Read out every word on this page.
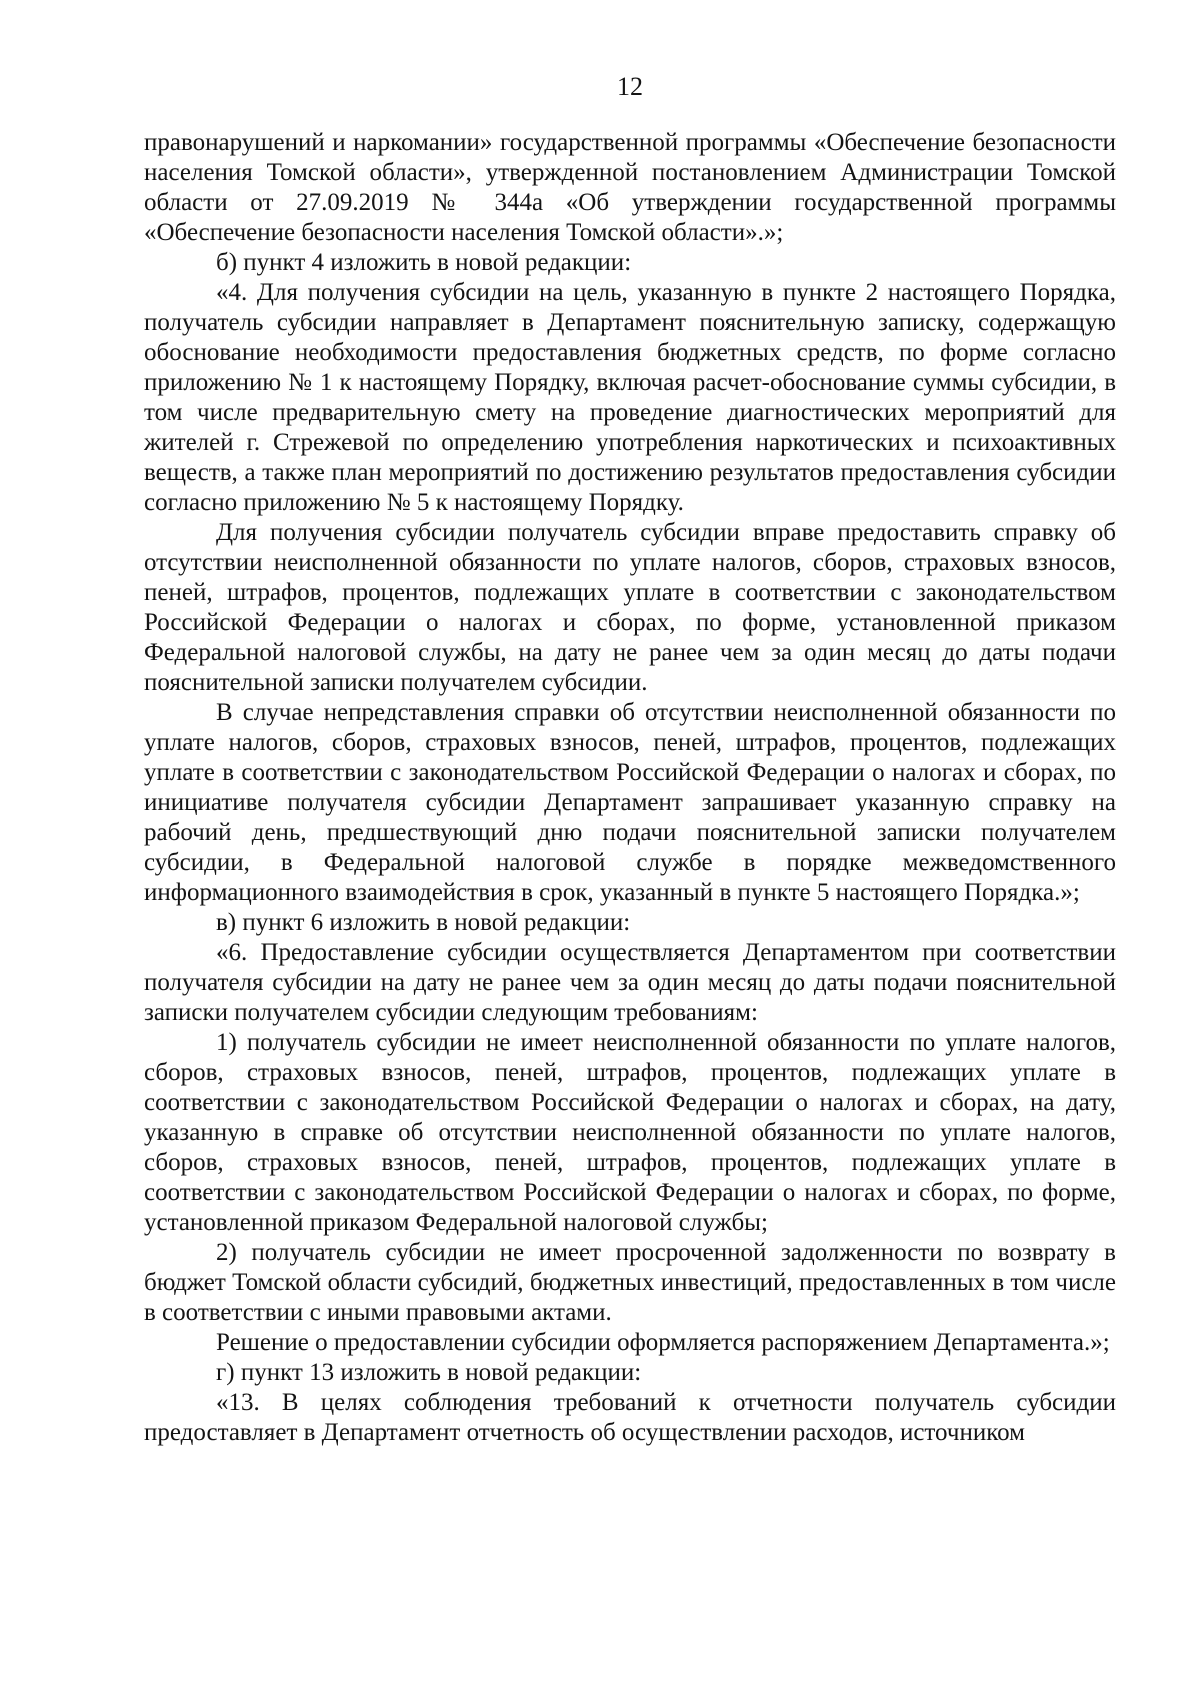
12

правонарушений и наркомании» государственной программы «Обеспечение безопасности населения Томской области», утвержденной постановлением Администрации Томской области от 27.09.2019 № 344а «Об утверждении государственной программы «Обеспечение безопасности населения Томской области».»;

б) пункт 4 изложить в новой редакции:

«4. Для получения субсидии на цель, указанную в пункте 2 настоящего Порядка, получатель субсидии направляет в Департамент пояснительную записку, содержащую обоснование необходимости предоставления бюджетных средств, по форме согласно приложению № 1 к настоящему Порядку, включая расчет-обоснование суммы субсидии, в том числе предварительную смету на проведение диагностических мероприятий для жителей г. Стрежевой по определению употребления наркотических и психоактивных веществ, а также план мероприятий по достижению результатов предоставления субсидии согласно приложению № 5 к настоящему Порядку.

Для получения субсидии получатель субсидии вправе предоставить справку об отсутствии неисполненной обязанности по уплате налогов, сборов, страховых взносов, пеней, штрафов, процентов, подлежащих уплате в соответствии с законодательством Российской Федерации о налогах и сборах, по форме, установленной приказом Федеральной налоговой службы, на дату не ранее чем за один месяц до даты подачи пояснительной записки получателем субсидии.

В случае непредставления справки об отсутствии неисполненной обязанности по уплате налогов, сборов, страховых взносов, пеней, штрафов, процентов, подлежащих уплате в соответствии с законодательством Российской Федерации о налогах и сборах, по инициативе получателя субсидии Департамент запрашивает указанную справку на рабочий день, предшествующий дню подачи пояснительной записки получателем субсидии, в Федеральной налоговой службе в порядке межведомственного информационного взаимодействия в срок, указанный в пункте 5 настоящего Порядка.»;

в) пункт 6 изложить в новой редакции:

«6. Предоставление субсидии осуществляется Департаментом при соответствии получателя субсидии на дату не ранее чем за один месяц до даты подачи пояснительной записки получателем субсидии следующим требованиям:

1) получатель субсидии не имеет неисполненной обязанности по уплате налогов, сборов, страховых взносов, пеней, штрафов, процентов, подлежащих уплате в соответствии с законодательством Российской Федерации о налогах и сборах, на дату, указанную в справке об отсутствии неисполненной обязанности по уплате налогов, сборов, страховых взносов, пеней, штрафов, процентов, подлежащих уплате в соответствии с законодательством Российской Федерации о налогах и сборах, по форме, установленной приказом Федеральной налоговой службы;

2) получатель субсидии не имеет просроченной задолженности по возврату в бюджет Томской области субсидий, бюджетных инвестиций, предоставленных в том числе в соответствии с иными правовыми актами.

Решение о предоставлении субсидии оформляется распоряжением Департамента.»;

г) пункт 13 изложить в новой редакции:

«13. В целях соблюдения требований к отчетности получатель субсидии предоставляет в Департамент отчетность об осуществлении расходов, источником
